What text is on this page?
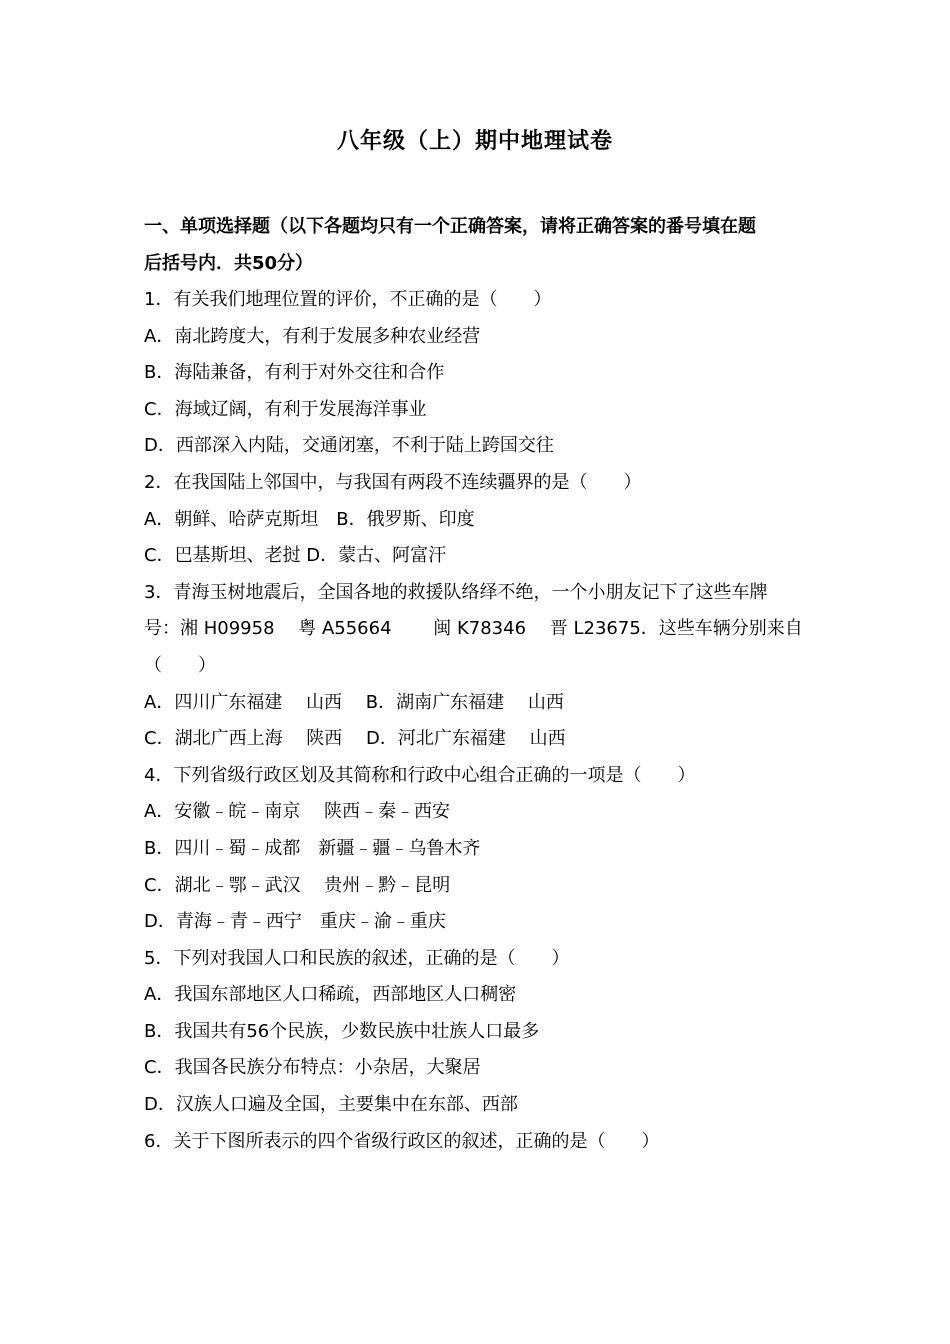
八年级（上）期中地理试卷
一、单项选择题（以下各题均只有一个正确答案，请将正确答案的番号填在题
后括号内．共50分）
1．有关我们地理位置的评价，不正确的是（　　）
A．南北跨度大，有利于发展多种农业经营
B．海陆兼备，有利于对外交往和合作
C．海域辽阔，有利于发展海洋事业
D．西部深入内陆，交通闭塞，不利于陆上跨国交往
2．在我国陆上邻国中，与我国有两段不连续疆界的是（　　）
A．朝鲜、哈萨克斯坦　B．俄罗斯、印度
C．巴基斯坦、老挝 D．蒙古、阿富汗
3．青海玉树地震后，全国各地的救援队络绎不绝，一个小朋友记下了这些车牌
号：湘 H09958　 粤 A55664　　 闽 K78346　 晋 L23675．这些车辆分别来自
（　　）
A．四川广东福建　 山西　 B．湖南广东福建　 山西
C．湖北广西上海　 陕西　 D．河北广东福建　 山西
4．下列省级行政区划及其简称和行政中心组合正确的一项是（　　）
A．安徽﹣皖﹣南京　 陕西﹣秦﹣西安
B．四川﹣蜀﹣成都　新疆﹣疆﹣乌鲁木齐
C．湖北﹣鄂﹣武汉　 贵州﹣黔﹣昆明
D．青海﹣青﹣西宁　重庆﹣渝﹣重庆
5．下列对我国人口和民族的叙述，正确的是（　　）
A．我国东部地区人口稀疏，西部地区人口稠密
B．我国共有56个民族，少数民族中壮族人口最多
C．我国各民族分布特点：小杂居，大聚居
D．汉族人口遍及全国，主要集中在东部、西部
6．关于下图所表示的四个省级行政区的叙述，正确的是（　　）
